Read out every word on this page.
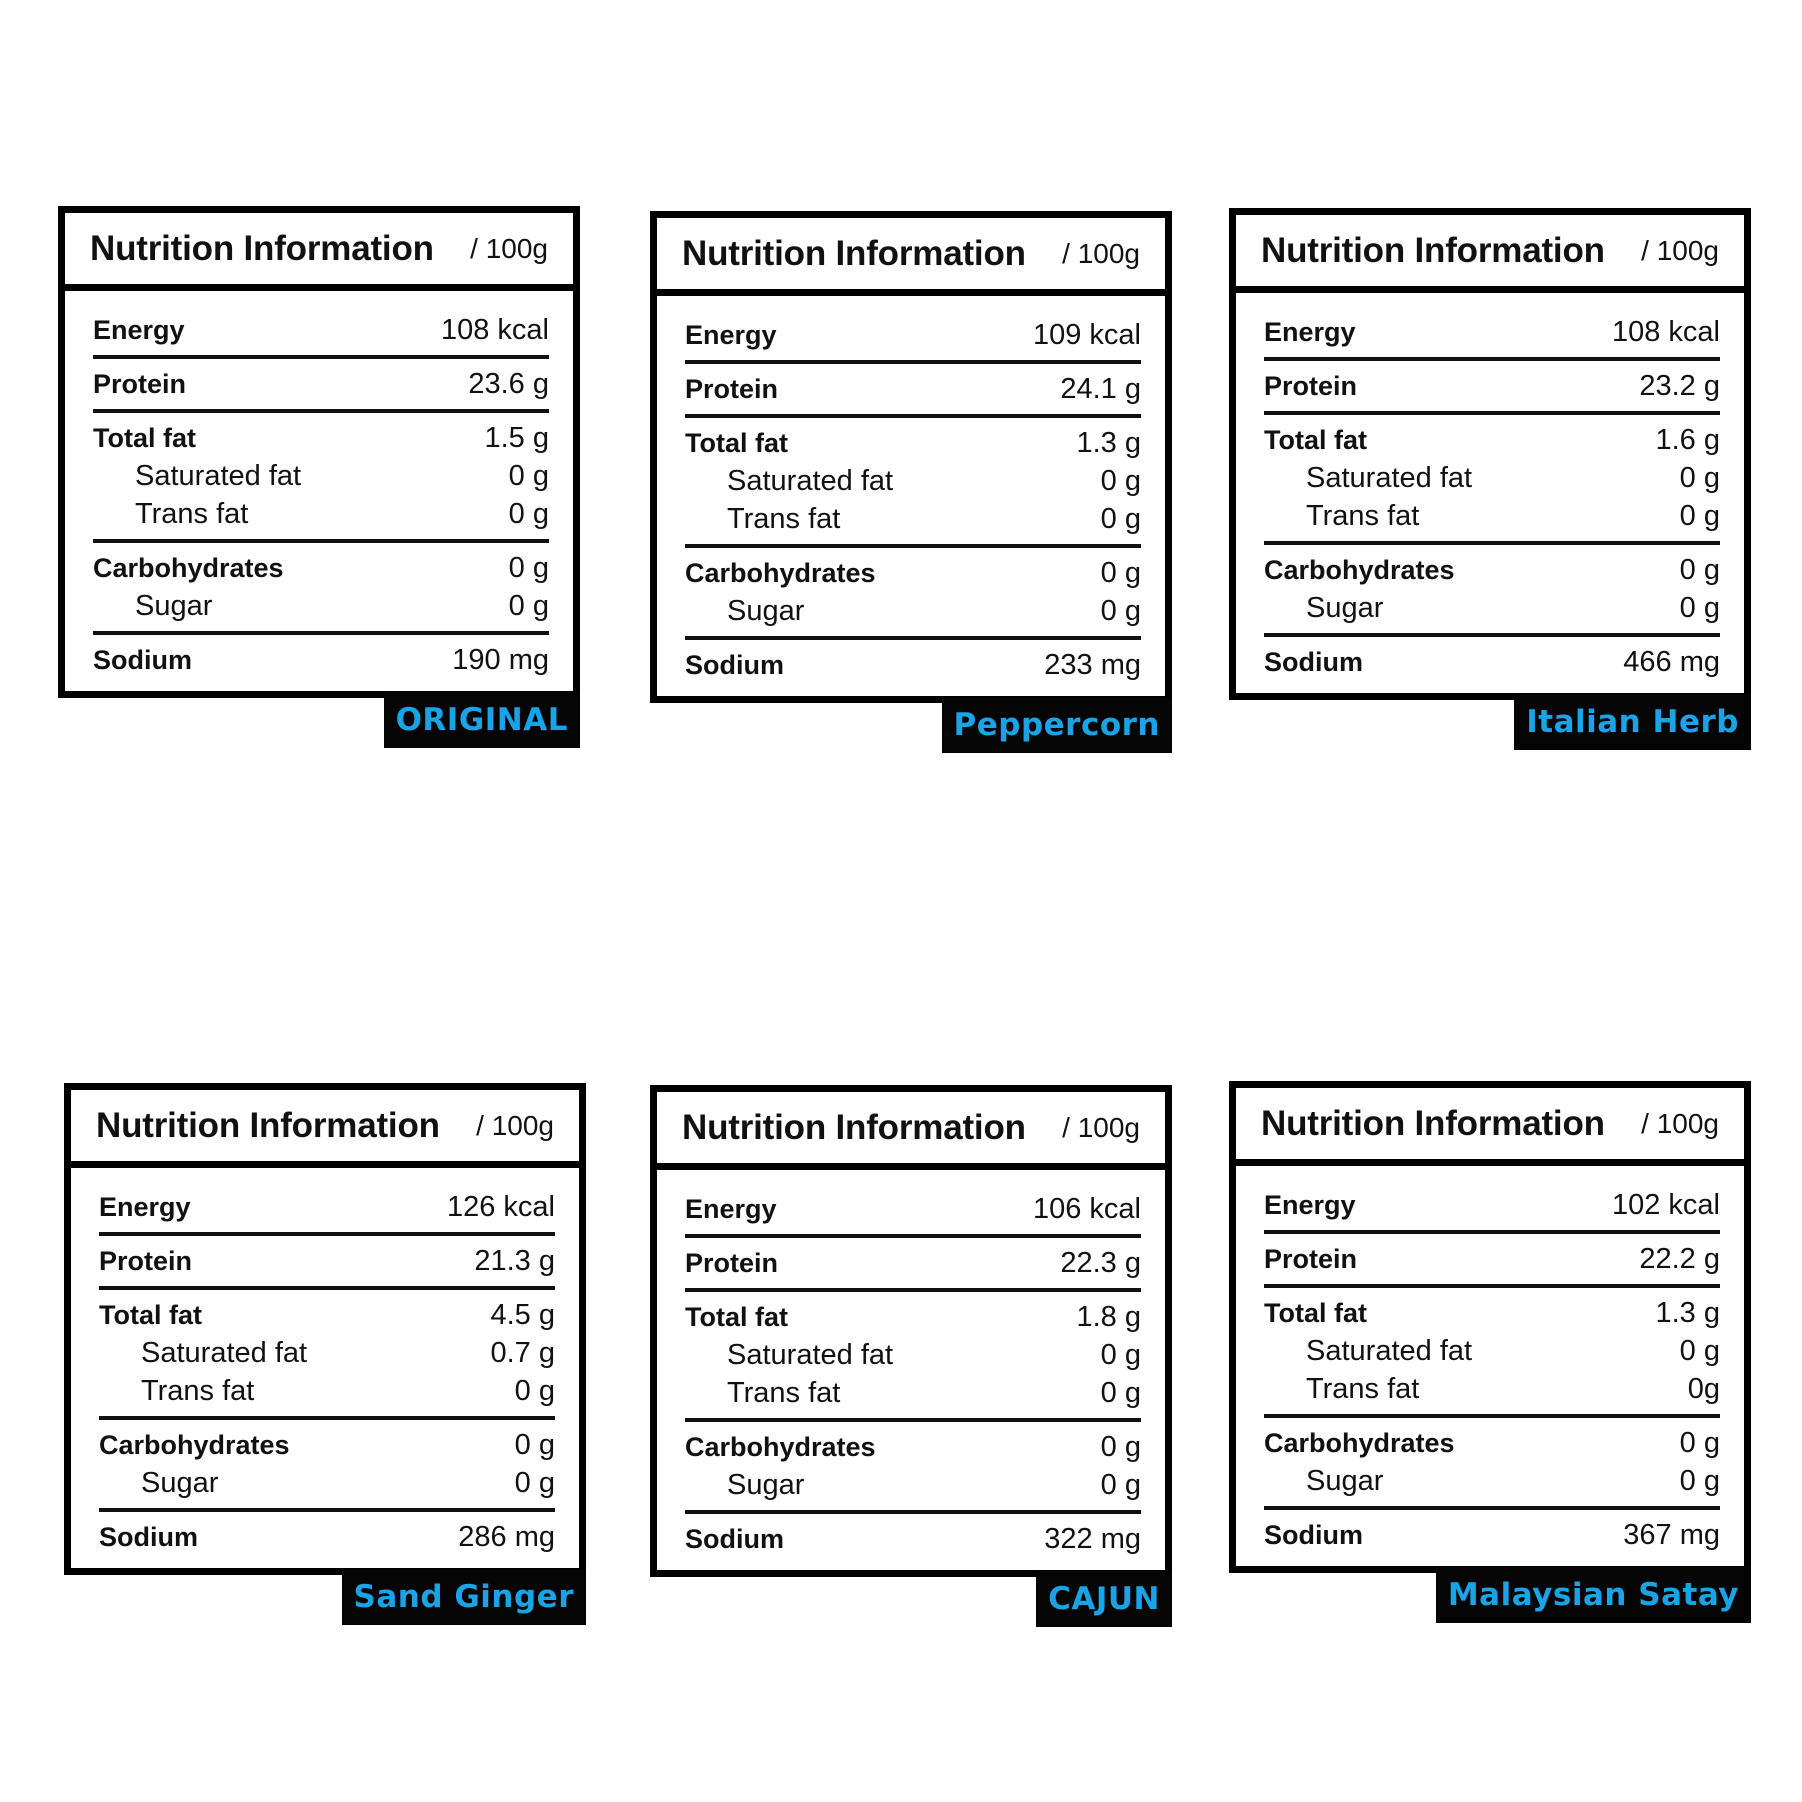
Nutrition Information / 100g
Energy	108 kcal
Protein	23.6 g
Total fat	1.5 g
Saturated fat	0 g
Trans fat	0 g
Carbohydrates	0 g
Sugar	0 g
Sodium	190 mg
ORIGINAL
Nutrition Information / 100g
Energy	109 kcal
Protein	24.1 g
Total fat	1.3 g
Saturated fat	0 g
Trans fat	0 g
Carbohydrates	0 g
Sugar	0 g
Sodium	233 mg
Peppercorn
Nutrition Information / 100g
Energy	108 kcal
Protein	23.2 g
Total fat	1.6 g
Saturated fat	0 g
Trans fat	0 g
Carbohydrates	0 g
Sugar	0 g
Sodium	466 mg
Italian Herb
Nutrition Information / 100g
Energy	126 kcal
Protein	21.3 g
Total fat	4.5 g
Saturated fat	0.7 g
Trans fat	0 g
Carbohydrates	0 g
Sugar	0 g
Sodium	286 mg
Sand Ginger
Nutrition Information / 100g
Energy	106 kcal
Protein	22.3 g
Total fat	1.8 g
Saturated fat	0 g
Trans fat	0 g
Carbohydrates	0 g
Sugar	0 g
Sodium	322 mg
CAJUN
Nutrition Information / 100g
Energy	102 kcal
Protein	22.2 g
Total fat	1.3 g
Saturated fat	0 g
Trans fat	0g
Carbohydrates	0 g
Sugar	0 g
Sodium	367 mg
Malaysian Satay
